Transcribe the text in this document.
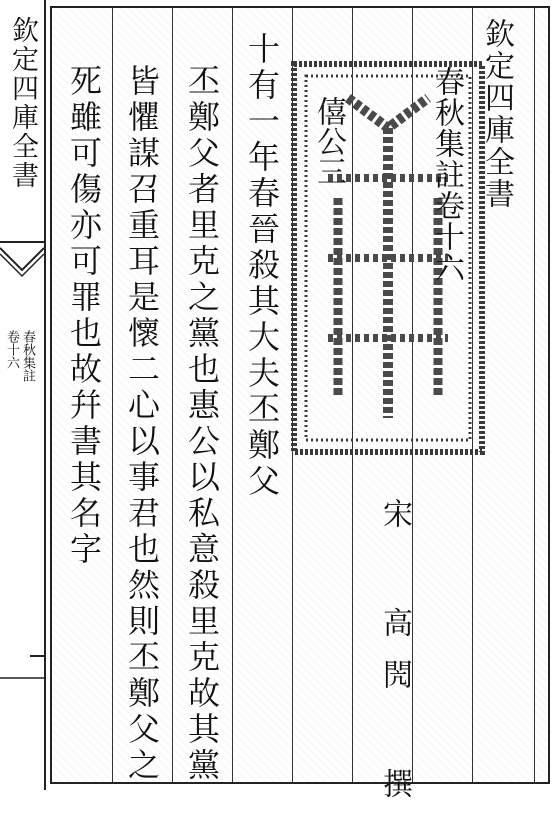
欽定四庫全書
春秋集註
卷十六
自得
欽定四庫全書
春秋集註卷十六
僖公三
宋 高閌 撰
十有一年春晉殺其大夫丕鄭父
丕鄭父者里克之黨也惠公以私意殺里克故其黨
皆懼謀召重耳是懷二心以事君也然則丕鄭父之
死雖可傷亦可罪也故幷書其名字
